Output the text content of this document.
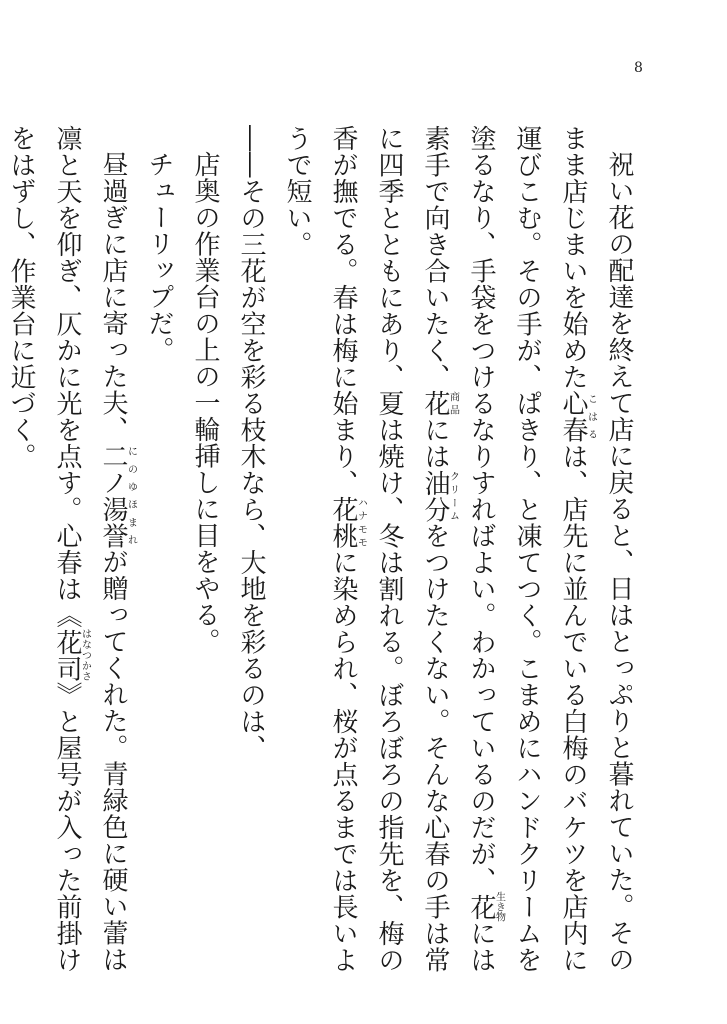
8

祝い花の配達を終えて店に戻ると、日はとっぷりと暮れていた。そのまま店じまいを始めた心春こはるは、店先に並んでいる白梅のバケツを店内に運びこむ。その手が、ぱきり、と凍てつく。こまめにハンドクリームを塗るなり、手袋をつけるなりすればよい。わかっているのだが、花生き物には素手で向き合いたく、花商品には油分クリームをつけたくない。そんな心春の手は常に四季とともにあり、夏は焼け、冬は割れる。ぼろぼろの指先を、梅の香が撫でる。春は梅に始まり、花桃ハナモモに染められ、桜が点るまでは長いようで短い。

――その三花が空を彩る枝木なら、大地を彩るのは、

店奥の作業台の上の一輪挿しに目をやる。

チューリップだ。

昼過ぎに店に寄った夫、二ノ湯誉にのゆほまれが贈ってくれた。青緑色に硬い蕾は凛と天を仰ぎ、仄かに光を点す。心春は《花司はなつかさ》と屋号が入った前掛けをはずし、作業台に近づく。
